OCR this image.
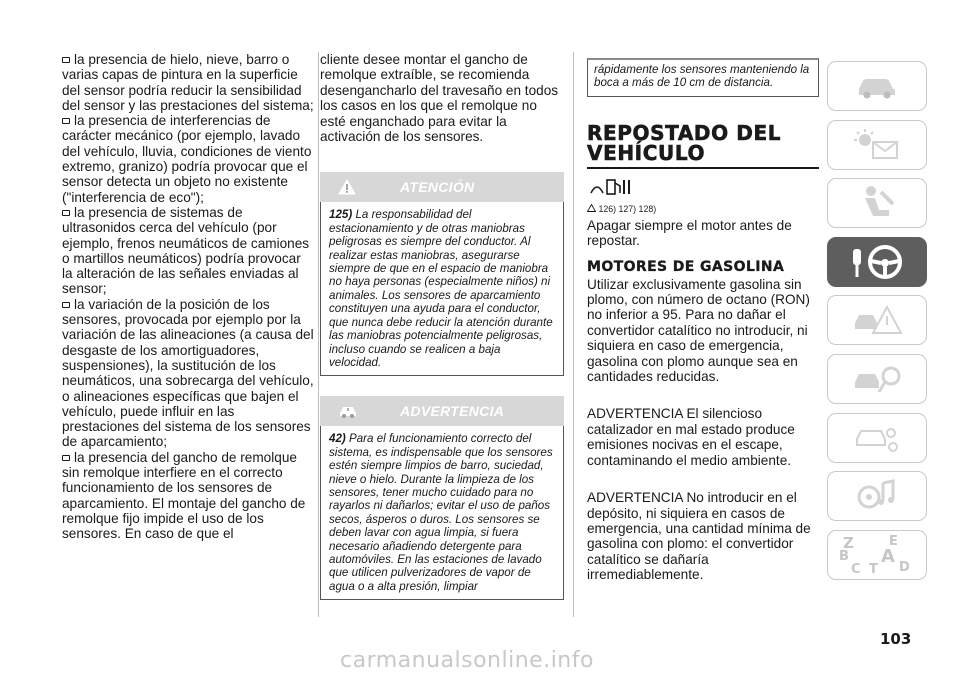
la presencia de hielo, nieve, barro o varias capas de pintura en la superficie del sensor podría reducir la sensibilidad del sensor y las prestaciones del sistema;

la presencia de interferencias de carácter mecánico (por ejemplo, lavado del vehículo, lluvia, condiciones de viento extremo, granizo) podría provocar que el sensor detecta un objeto no existente ("interferencia de eco");

la presencia de sistemas de ultrasonidos cerca del vehículo (por ejemplo, frenos neumáticos de camiones o martillos neumáticos) podría provocar la alteración de las señales enviadas al sensor;

la variación de la posición de los sensores, provocada por ejemplo por la variación de las alineaciones (a causa del desgaste de los amortiguadores, suspensiones), la sustitución de los neumáticos, una sobrecarga del vehículo, o alineaciones específicas que bajen el vehículo, puede influir en las prestaciones del sistema de los sensores de aparcamiento;

la presencia del gancho de remolque sin remolque interfiere en el correcto funcionamiento de los sensores de aparcamiento. El montaje del gancho de remolque fijo impide el uso de los sensores. En caso de que el

cliente desee montar el gancho de remolque extraíble, se recomienda desengancharlo del travesaño en todos los casos en los que el remolque no esté enganchado para evitar la activación de los sensores.

ATENCIÓN
125) La responsabilidad del estacionamiento y de otras maniobras peligrosas es siempre del conductor. Al realizar estas maniobras, asegurarse siempre de que en el espacio de maniobra no haya personas (especialmente niños) ni animales. Los sensores de aparcamiento constituyen una ayuda para el conductor, que nunca debe reducir la atención durante las maniobras potencialmente peligrosas, incluso cuando se realicen a baja velocidad.
ADVERTENCIA
42) Para el funcionamiento correcto del sistema, es indispensable que los sensores estén siempre limpios de barro, suciedad, nieve o hielo. Durante la limpieza de los sensores, tener mucho cuidado para no rayarlos ni dañarlos; evitar el uso de paños secos, ásperos o duros. Los sensores se deben lavar con agua limpia, si fuera necesario añadiendo detergente para automóviles. En las estaciones de lavado que utilicen pulverizadores de vapor de agua o a alta presión, limpiar
rápidamente los sensores manteniendo la boca a más de 10 cm de distancia.
REPOSTADO DEL VEHÍCULO
126) 127) 128)

Apagar siempre el motor antes de repostar.

MOTORES DE GASOLINA

Utilizar exclusivamente gasolina sin plomo, con número de octano (RON) no inferior a 95. Para no dañar el convertidor catalítico no introducir, ni siquiera en caso de emergencia, gasolina con plomo aunque sea en cantidades reducidas.

ADVERTENCIA El silencioso catalizador en mal estado produce emisiones nocivas en el escape, contaminando el medio ambiente.

ADVERTENCIA No introducir en el depósito, ni siquiera en casos de emergencia, una cantidad mínima de gasolina con plomo: el convertidor catalítico se dañaría irremediablemente.

Z	E
B A
C T D
103
carmanualsonline.info
